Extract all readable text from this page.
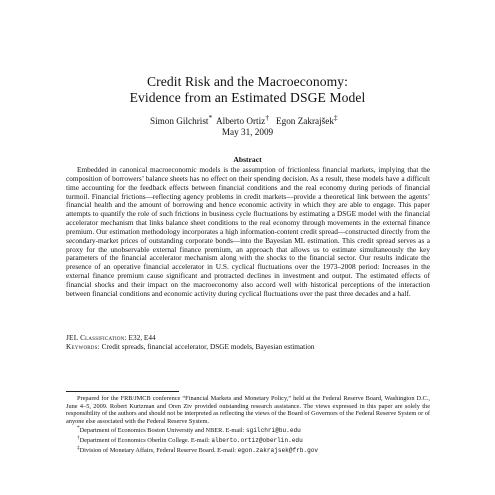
Credit Risk and the Macroeconomy:
Evidence from an Estimated DSGE Model
Simon Gilchrist* Alberto Ortiz† Egon Zakrajšek‡
May 31, 2009
Abstract

Embedded in canonical macroeconomic models is the assumption of frictionless financial markets, implying that the composition of borrowers’ balance sheets has no effect on their spending decision. As a result, these models have a difficult time accounting for the feedback effects between financial conditions and the real economy during periods of financial turmoil. Financial frictions—reflecting agency problems in credit markets—provide a theoretical link between the agents’ financial health and the amount of borrowing and hence economic activity in which they are able to engage. This paper attempts to quantify the role of such frictions in business cycle fluctuations by estimating a DSGE model with the financial accelerator mechanism that links balance sheet conditions to the real economy through movements in the external finance premium. Our estimation methodology incorporates a high information-content credit spread—constructed directly from the secondary-market prices of outstanding corporate bonds—into the Bayesian ML estimation. This credit spread serves as a proxy for the unobservable external finance premium, an approach that allows us to estimate simultaneously the key parameters of the financial accelerator mechanism along with the shocks to the financial sector. Our results indicate the presence of an operative financial accelerator in U.S. cyclical fluctuations over the 1973–2008 period: Increases in the external finance premium cause significant and protracted declines in investment and output. The estimated effects of financial shocks and their impact on the macroeconomy also accord well with historical perceptions of the interaction between financial conditions and economic activity during cyclical fluctuations over the past three decades and a half.

JEL Classification: E32, E44
Keywords: Credit spreads, financial accelerator, DSGE models, Bayesian estimation

Prepared for the FRB/JMCB conference “Financial Markets and Monetary Policy,” held at the Federal Reserve Board, Washington D.C., June 4–5, 2009. Robert Kurtzman and Oren Ziv provided outstanding research assistance. The views expressed in this paper are solely the responsibility of the authors and should not be interpreted as reflecting the views of the Board of Governors of the Federal Reserve System or of anyone else associated with the Federal Reserve System.

*Department of Economics Boston University and NBER. E-mail: sgilchri@bu.edu

†Department of Economics Oberlin College. E-mail: alberto.ortiz@oberlin.edu

‡Division of Monetary Affairs, Federal Reserve Board. E-mail: egon.zakrajsek@frb.gov
